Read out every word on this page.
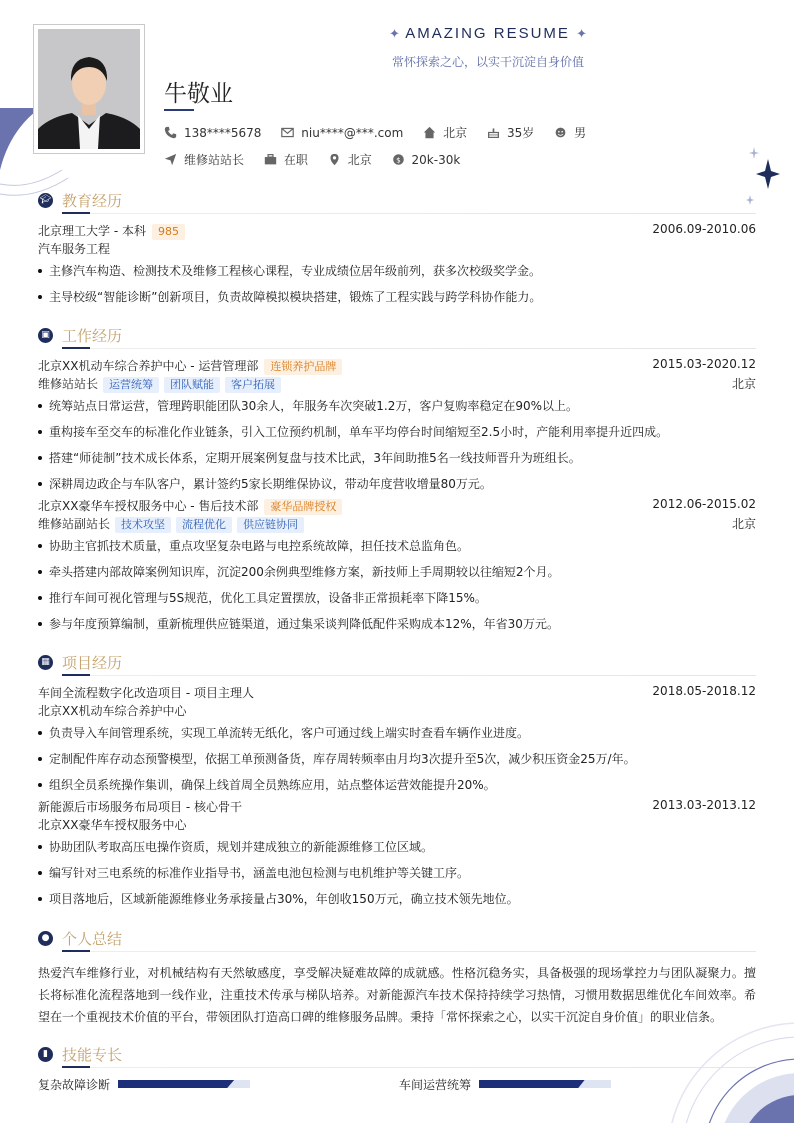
✦ AMAZING RESUME ✦
常怀探索之心，以实干沉淀自身价值
牛敬业
138****5678
	niu****@***.com
	北京
	35岁
	男
维修站站长
	在职
	北京
	$ 20k-30k
🎓︎ 教育经历
北京理工大学 - 本科 985	2006.09-2010.06
汽车服务工程
主修汽车构造、检测技术及维修工程核心课程，专业成绩位居年级前列，获多次校级奖学金。
主导校级“智能诊断”创新项目，负责故障模拟模块搭建，锻炼了工程实践与跨学科协作能力。
▣ 工作经历
北京XX机动车综合养护中心 - 运营管理部 连锁养护品牌	2015.03-2020.12
维修站站长 运营统筹 团队赋能 客户拓展	北京
统筹站点日常运营，管理跨职能团队30余人，年服务车次突破1.2万，客户复购率稳定在90%以上。
重构接车至交车的标准化作业链条，引入工位预约机制，单车平均停台时间缩短至2.5小时，产能利用率提升近四成。
搭建“师徒制”技术成长体系，定期开展案例复盘与技术比武，3年间助推5名一线技师晋升为班组长。
深耕周边政企与车队客户，累计签约5家长期维保协议，带动年度营收增量80万元。
北京XX豪华车授权服务中心 - 售后技术部 豪华品牌授权	2012.06-2015.02
维修站副站长 技术攻坚 流程优化 供应链协同	北京
协助主官抓技术质量，重点攻坚复杂电路与电控系统故障，担任技术总监角色。
牵头搭建内部故障案例知识库，沉淀200余例典型维修方案，新技师上手周期较以往缩短2个月。
推行车间可视化管理与5S规范，优化工具定置摆放，设备非正常损耗率下降15%。
参与年度预算编制，重新梳理供应链渠道，通过集采谈判降低配件采购成本12%，年省30万元。
▦ 项目经历
车间全流程数字化改造项目 - 项目主理人	2018.05-2018.12
北京XX机动车综合养护中心
负责导入车间管理系统，实现工单流转无纸化，客户可通过线上端实时查看车辆作业进度。
定制配件库存动态预警模型，依据工单预测备货，库存周转频率由月均3次提升至5次，减少积压资金25万/年。
组织全员系统操作集训，确保上线首周全员熟练应用，站点整体运营效能提升20%。
新能源后市场服务布局项目 - 核心骨干	2013.03-2013.12
北京XX豪华车授权服务中心
协助团队考取高压电操作资质，规划并建成独立的新能源维修工位区域。
编写针对三电系统的标准作业指导书，涵盖电池包检测与电机维护等关键工序。
项目落地后，区域新能源维修业务承接量占30%，年创收150万元，确立技术领先地位。
● 个人总结
热爱汽车维修行业，对机械结构有天然敏感度，享受解决疑难故障的成就感。性格沉稳务实，具备极强的现场掌控力与团队凝聚力。擅长将标准化流程落地到一线作业，注重技术传承与梯队培养。对新能源汽车技术保持持续学习热情，习惯用数据思维优化车间效率。希望在一个重视技术价值的平台，带领团队打造高口碑的维修服务品牌。秉持「常怀探索之心，以实干沉淀自身价值」的职业信条。
▮ 技能专长
复杂故障诊断	车间运营统筹
